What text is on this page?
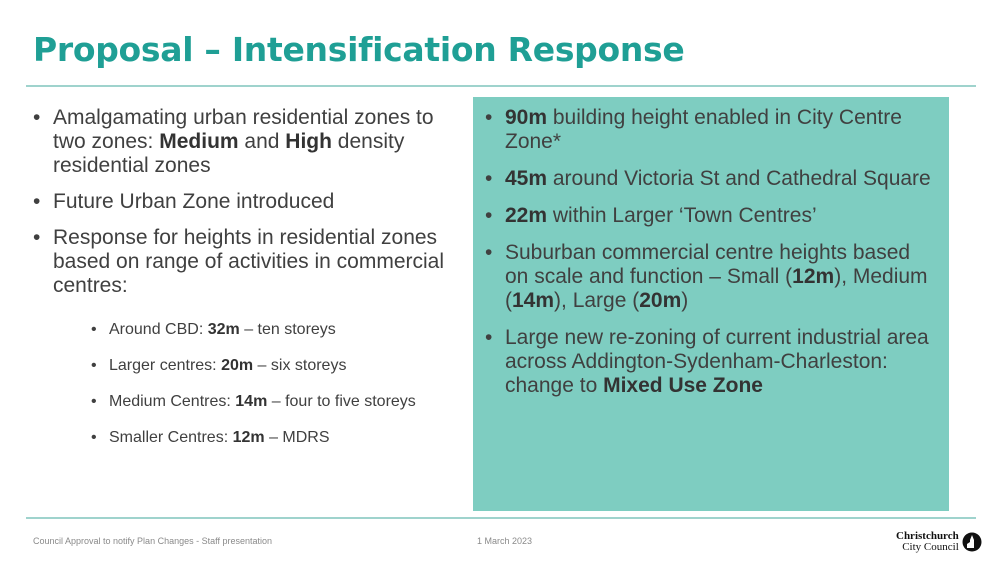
Proposal – Intensification Response
• Amalgamating urban residential zones to two zones: Medium and High density residential zones
• Future Urban Zone introduced
• Response for heights in residential zones based on range of activities in commercial centres:
• Around CBD: 32m – ten storeys
• Larger centres: 20m – six storeys
• Medium Centres: 14m – four to five storeys
• Smaller Centres: 12m – MDRS
• 90m building height enabled in City Centre Zone*
• 45m around Victoria St and Cathedral Square
• 22m within Larger ‘Town Centres’
• Suburban commercial centre heights based on scale and function – Small (12m), Medium (14m), Large (20m)
• Large new re-zoning of current industrial area across Addington-Sydenham-Charleston: change to Mixed Use Zone
Council Approval to notify Plan Changes - Staff presentation	1 March 2023	Christchurch
City Council
